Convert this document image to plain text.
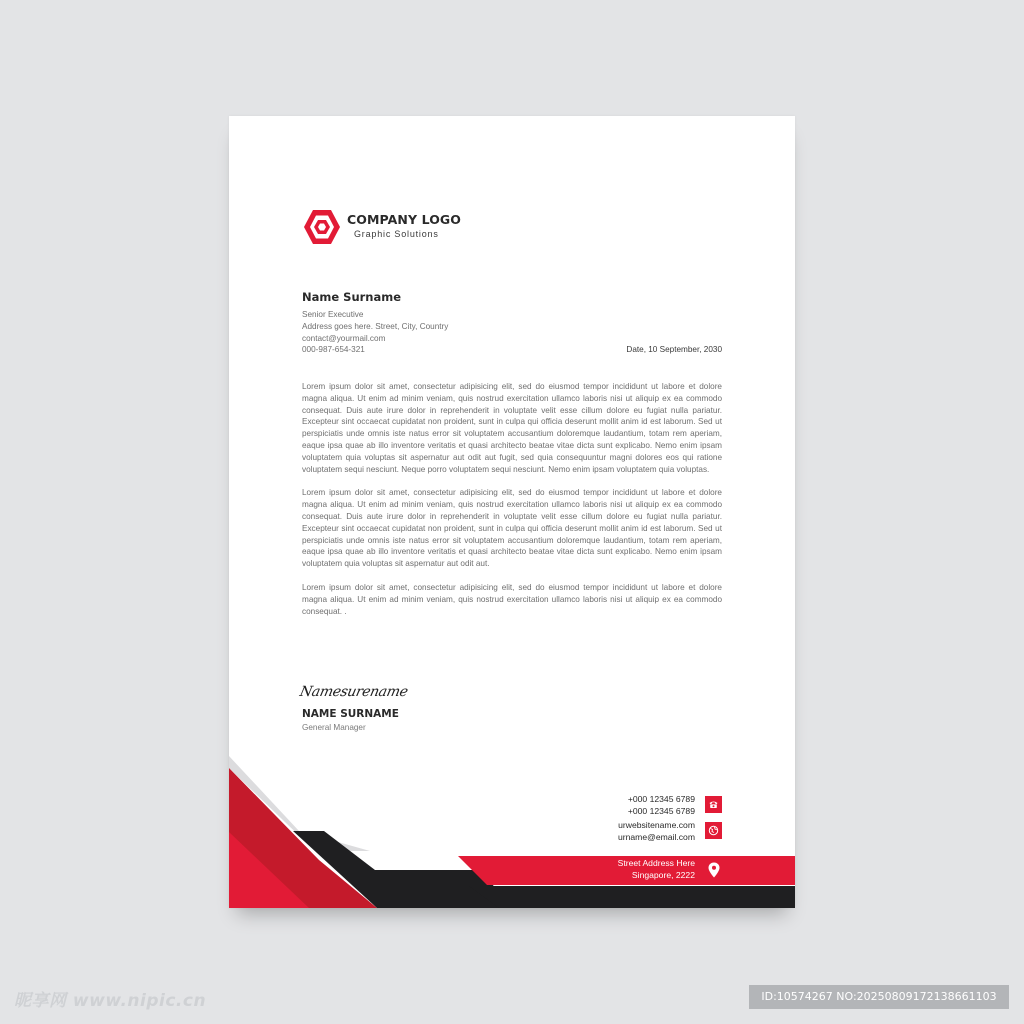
COMPANY LOGO
Graphic Solutions
Name Surname
Senior Executive
Address goes here. Street, City, Country
contact@yourmail.com
000-987-654-321	Date, 10 September, 2030

Lorem ipsum dolor sit amet, consectetur adipisicing elit, sed do eiusmod tempor incididunt ut labore et dolore magna aliqua. Ut enim ad minim veniam, quis nostrud exercitation ullamco laboris nisi ut aliquip ex ea commodo consequat. Duis aute irure dolor in reprehenderit in voluptate velit esse cillum dolore eu fugiat nulla pariatur. Excepteur sint occaecat cupidatat non proident, sunt in culpa qui officia deserunt mollit anim id est laborum. Sed ut perspiciatis unde omnis iste natus error sit voluptatem accusantium doloremque laudantium, totam rem aperiam, eaque ipsa quae ab illo inventore veritatis et quasi architecto beatae vitae dicta sunt explicabo. Nemo enim ipsam voluptatem quia voluptas sit aspernatur aut odit aut fugit, sed quia consequuntur magni dolores eos qui ratione voluptatem sequi nesciunt. Neque porro voluptatem sequi nesciunt. Nemo enim ipsam voluptatem quia voluptas.

Lorem ipsum dolor sit amet, consectetur adipisicing elit, sed do eiusmod tempor incididunt ut labore et dolore magna aliqua. Ut enim ad minim veniam, quis nostrud exercitation ullamco laboris nisi ut aliquip ex ea commodo consequat. Duis aute irure dolor in reprehenderit in voluptate velit esse cillum dolore eu fugiat nulla pariatur. Excepteur sint occaecat cupidatat non proident, sunt in culpa qui officia deserunt mollit anim id est laborum. Sed ut perspiciatis unde omnis iste natus error sit voluptatem accusantium doloremque laudantium, totam rem aperiam, eaque ipsa quae ab illo inventore veritatis et quasi architecto beatae vitae dicta sunt explicabo. Nemo enim ipsam voluptatem quia voluptas sit aspernatur aut odit aut.

Lorem ipsum dolor sit amet, consectetur adipisicing elit, sed do eiusmod tempor incididunt ut labore et dolore magna aliqua. Ut enim ad minim veniam, quis nostrud exercitation ullamco laboris nisi ut aliquip ex ea commodo consequat. .

Namesurename
NAME SURNAME
General Manager
+000 12345 6789
+000 12345 6789
urwebsitename.com
urname@email.com
Street Address Here
Singapore, 2222
昵享网 www.nipic.cn	ID:10574267 NO:20250809172138661103
